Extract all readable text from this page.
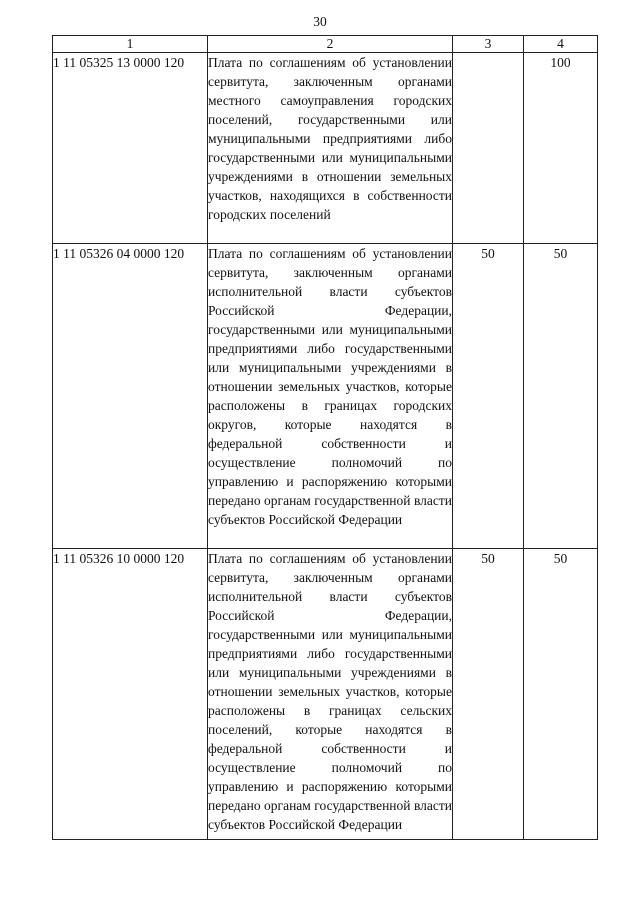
30
1	2	3	4
1 11 05325 13 0000 120	Плата по соглашениям об установлении сервитута, заключенным органами местного самоуправления городских поселений, государственными или муниципальными предприятиями либо государственными или муниципальными учреждениями в отношении земельных участков, находящихся в собственности городских поселений		100

1 11 05326 04 0000 120	Плата по соглашениям об установлении сервитута, заключенным органами исполнительной власти субъектов Российской Федерации, государственными или муниципальными предприятиями либо государственными или муниципальными учреждениями в отношении земельных участков, которые расположены в границах городских округов, которые находятся в федеральной собственности и осуществление полномочий по управлению и распоряжению которыми передано органам государственной власти субъектов Российской Федерации	50	50

1 11 05326 10 0000 120	Плата по соглашениям об установлении сервитута, заключенным органами исполнительной власти субъектов Российской Федерации, государственными или муниципальными предприятиями либо государственными или муниципальными учреждениями в отношении земельных участков, которые расположены в границах сельских поселений, которые находятся в федеральной собственности и осуществление полномочий по управлению и распоряжению которыми передано органам государственной власти субъектов Российской Федерации	50	50
